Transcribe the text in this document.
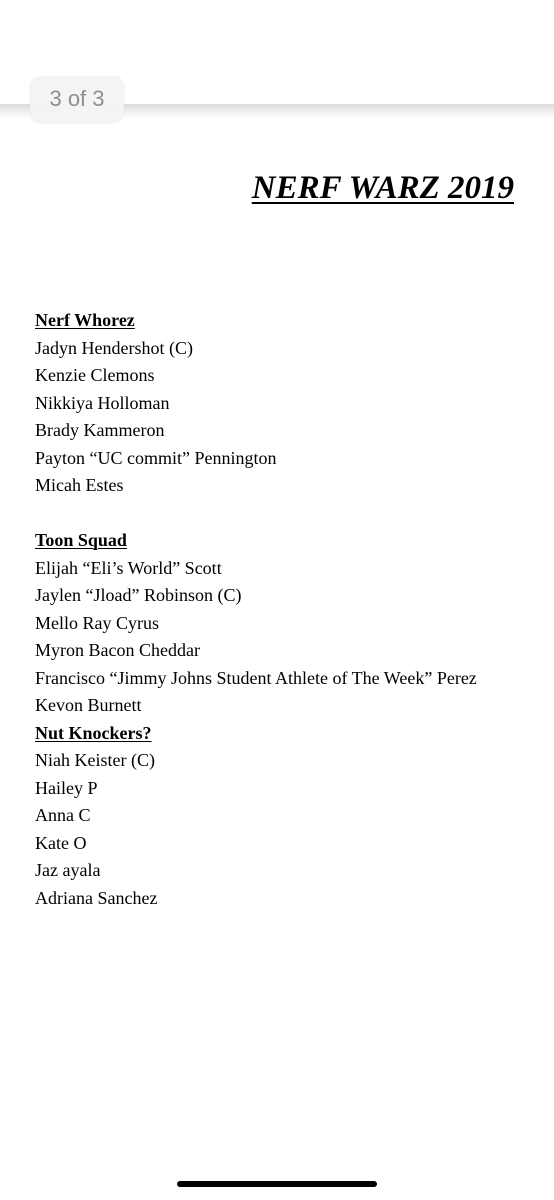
3 of 3
NERF WARZ 2019
Nerf Whorez
Jadyn Hendershot (C)
Kenzie Clemons
Nikkiya Holloman
Brady Kammeron
Payton “UC commit” Pennington
Micah Estes
Toon Squad
Elijah “Eli’s World” Scott
Jaylen “Jload” Robinson (C)
Mello Ray Cyrus
Myron Bacon Cheddar
Francisco “Jimmy Johns Student Athlete of The Week” Perez
Kevon Burnett
Nut Knockers?
Niah Keister (C)
Hailey P
Anna C
Kate O
Jaz ayala
Adriana Sanchez
